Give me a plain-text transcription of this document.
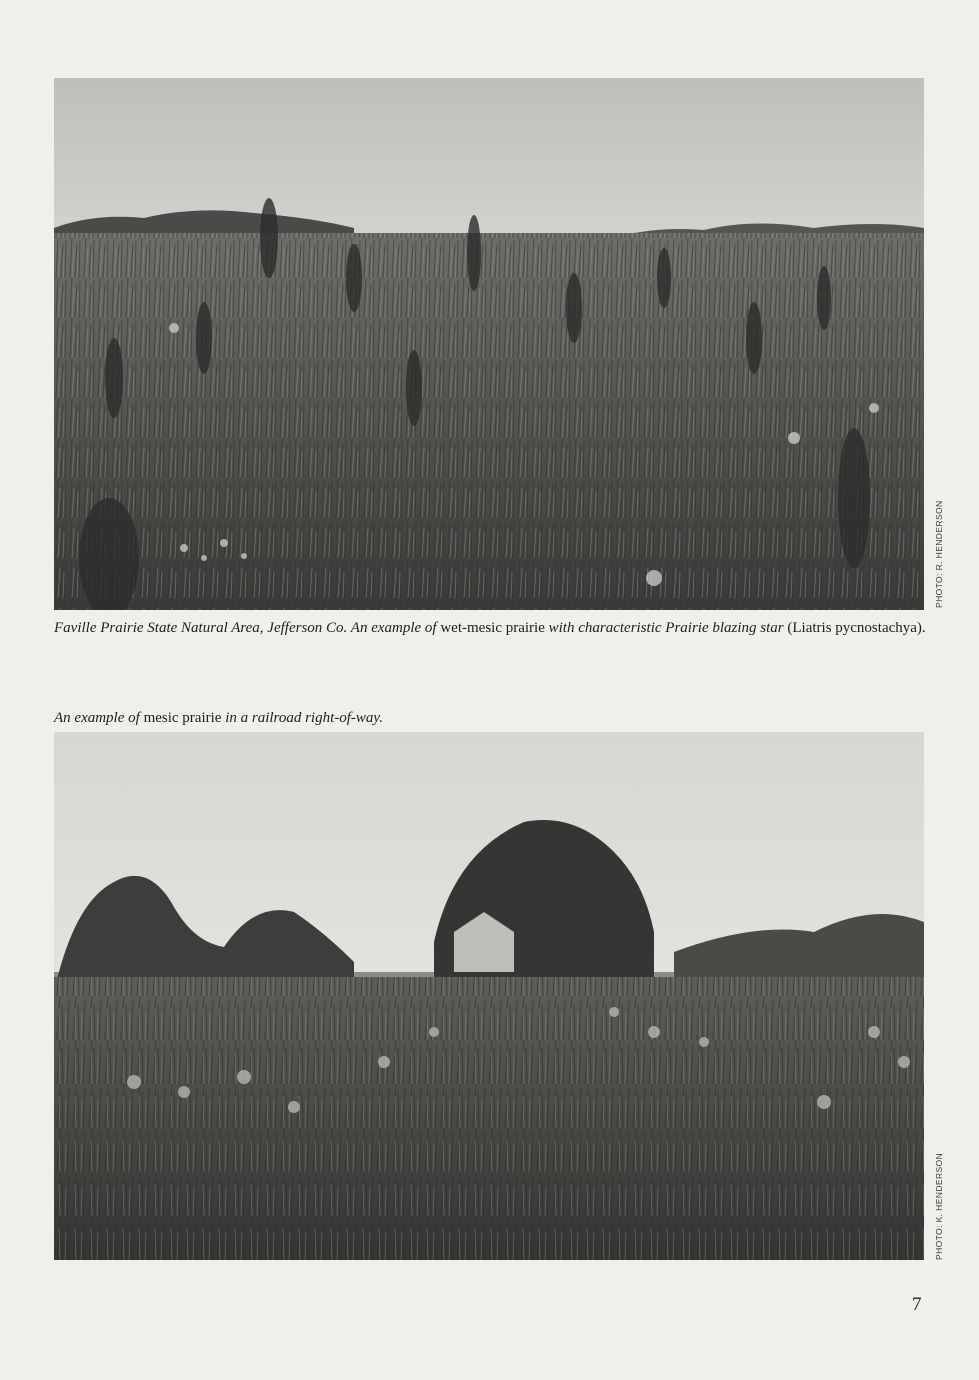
PHOTO: R. HENDERSON
Faville Prairie State Natural Area, Jefferson Co. An example of wet-mesic prairie with characteristic Prairie blazing star (Liatris pycnostachya).
An example of mesic prairie in a railroad right-of-way.
PHOTO: K. HENDERSON
7
